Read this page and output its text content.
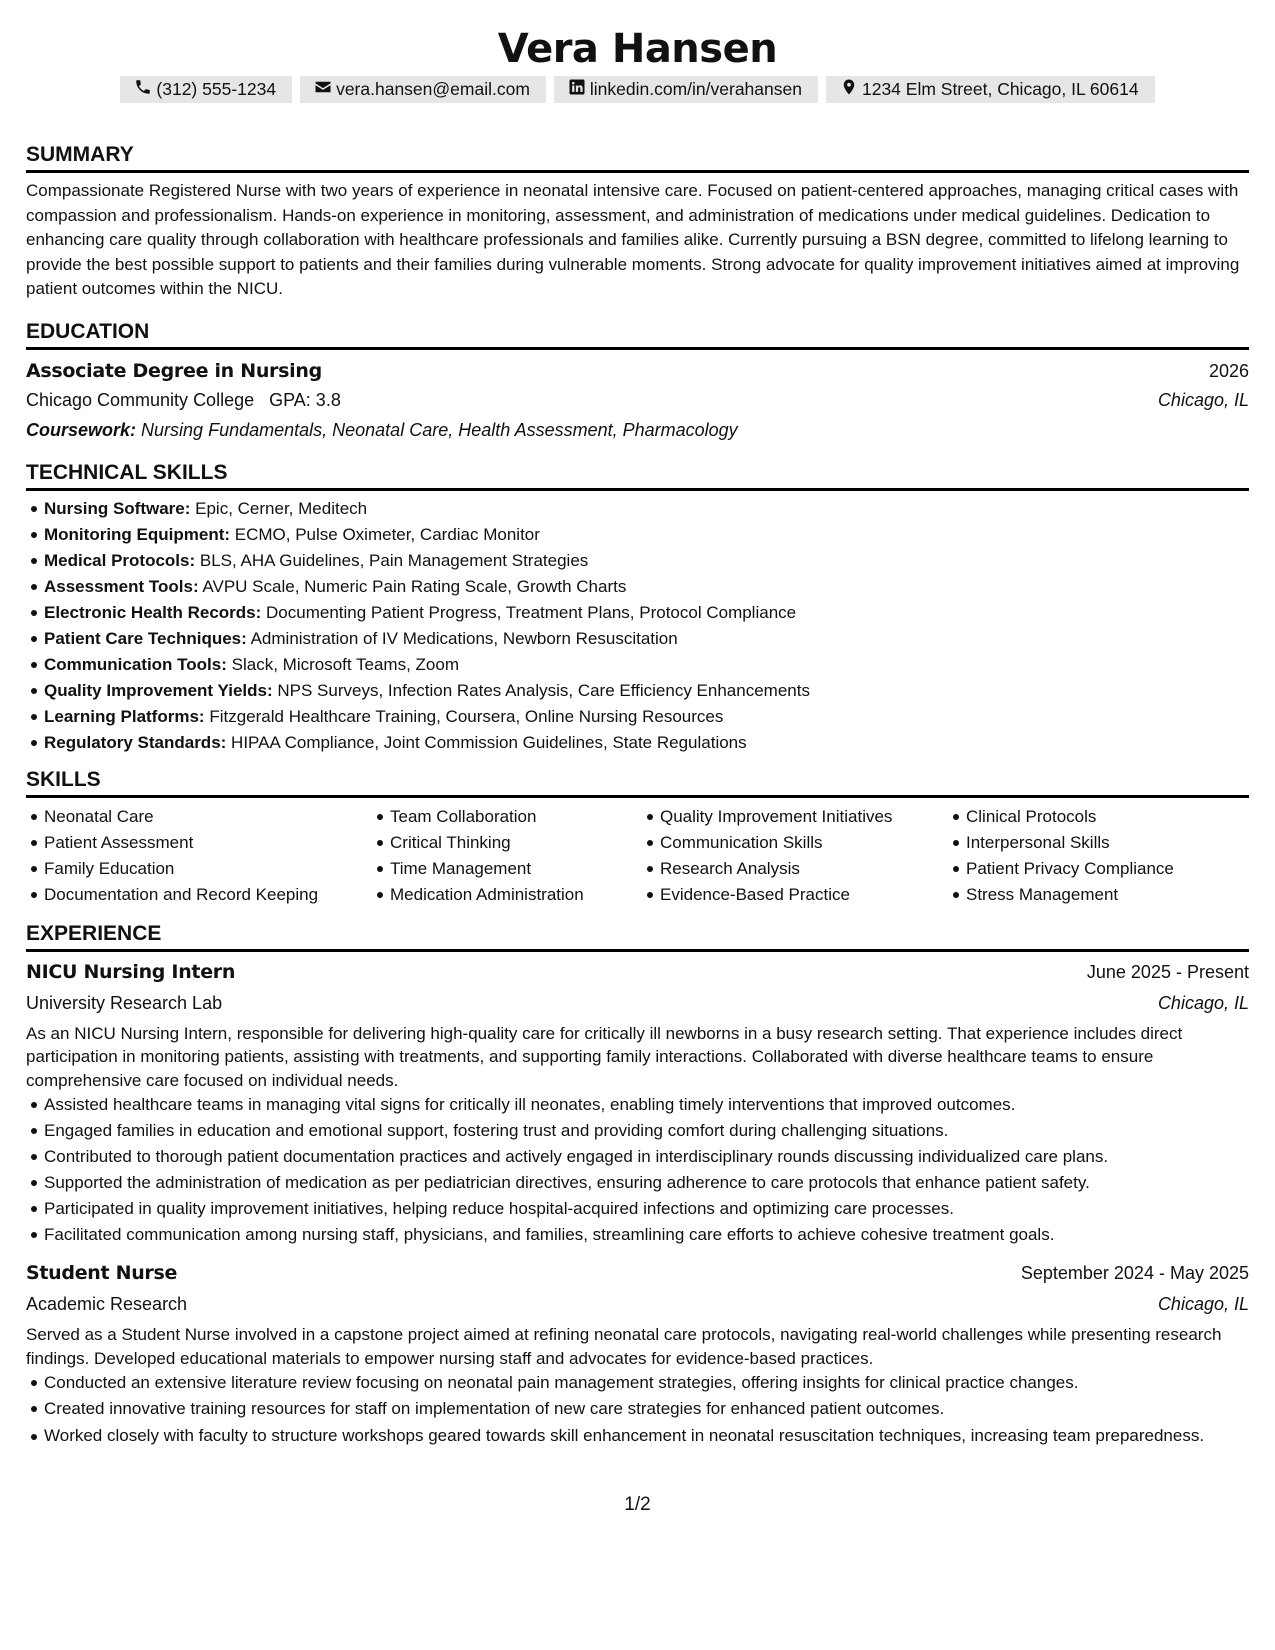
Vera Hansen
(312) 555-1234	vera.hansen@email.com	linkedin.com/in/verahansen	1234 Elm Street, Chicago, IL 60614
SUMMARY
Compassionate Registered Nurse with two years of experience in neonatal intensive care. Focused on patient-centered approaches, managing critical cases with compassion and professionalism. Hands-on experience in monitoring, assessment, and administration of medications under medical guidelines. Dedication to enhancing care quality through collaboration with healthcare professionals and families alike. Currently pursuing a BSN degree, committed to lifelong learning to provide the best possible support to patients and their families during vulnerable moments. Strong advocate for quality improvement initiatives aimed at improving patient outcomes within the NICU.
EDUCATION
Associate Degree in Nursing	2026
Chicago Community College GPA: 3.8	Chicago, IL
Coursework: Nursing Fundamentals, Neonatal Care, Health Assessment, Pharmacology
TECHNICAL SKILLS
Nursing Software: Epic, Cerner, Meditech
Monitoring Equipment: ECMO, Pulse Oximeter, Cardiac Monitor
Medical Protocols: BLS, AHA Guidelines, Pain Management Strategies
Assessment Tools: AVPU Scale, Numeric Pain Rating Scale, Growth Charts
Electronic Health Records: Documenting Patient Progress, Treatment Plans, Protocol Compliance
Patient Care Techniques: Administration of IV Medications, Newborn Resuscitation
Communication Tools: Slack, Microsoft Teams, Zoom
Quality Improvement Yields: NPS Surveys, Infection Rates Analysis, Care Efficiency Enhancements
Learning Platforms: Fitzgerald Healthcare Training, Coursera, Online Nursing Resources
Regulatory Standards: HIPAA Compliance, Joint Commission Guidelines, State Regulations
SKILLS
Neonatal Care
Patient Assessment
Family Education
Documentation and Record Keeping
Team Collaboration
Critical Thinking
Time Management
Medication Administration
Quality Improvement Initiatives
Communication Skills
Research Analysis
Evidence-Based Practice
Clinical Protocols
Interpersonal Skills
Patient Privacy Compliance
Stress Management
EXPERIENCE
NICU Nursing Intern	June 2025 - Present
University Research Lab	Chicago, IL
As an NICU Nursing Intern, responsible for delivering high-quality care for critically ill newborns in a busy research setting. That experience includes direct participation in monitoring patients, assisting with treatments, and supporting family interactions. Collaborated with diverse healthcare teams to ensure comprehensive care focused on individual needs.
Assisted healthcare teams in managing vital signs for critically ill neonates, enabling timely interventions that improved outcomes.
Engaged families in education and emotional support, fostering trust and providing comfort during challenging situations.
Contributed to thorough patient documentation practices and actively engaged in interdisciplinary rounds discussing individualized care plans.
Supported the administration of medication as per pediatrician directives, ensuring adherence to care protocols that enhance patient safety.
Participated in quality improvement initiatives, helping reduce hospital-acquired infections and optimizing care processes.
Facilitated communication among nursing staff, physicians, and families, streamlining care efforts to achieve cohesive treatment goals.
Student Nurse	September 2024 - May 2025
Academic Research	Chicago, IL
Served as a Student Nurse involved in a capstone project aimed at refining neonatal care protocols, navigating real-world challenges while presenting research findings. Developed educational materials to empower nursing staff and advocates for evidence-based practices.
Conducted an extensive literature review focusing on neonatal pain management strategies, offering insights for clinical practice changes.
Created innovative training resources for staff on implementation of new care strategies for enhanced patient outcomes.
Worked closely with faculty to structure workshops geared towards skill enhancement in neonatal resuscitation techniques, increasing team preparedness.
1/2
